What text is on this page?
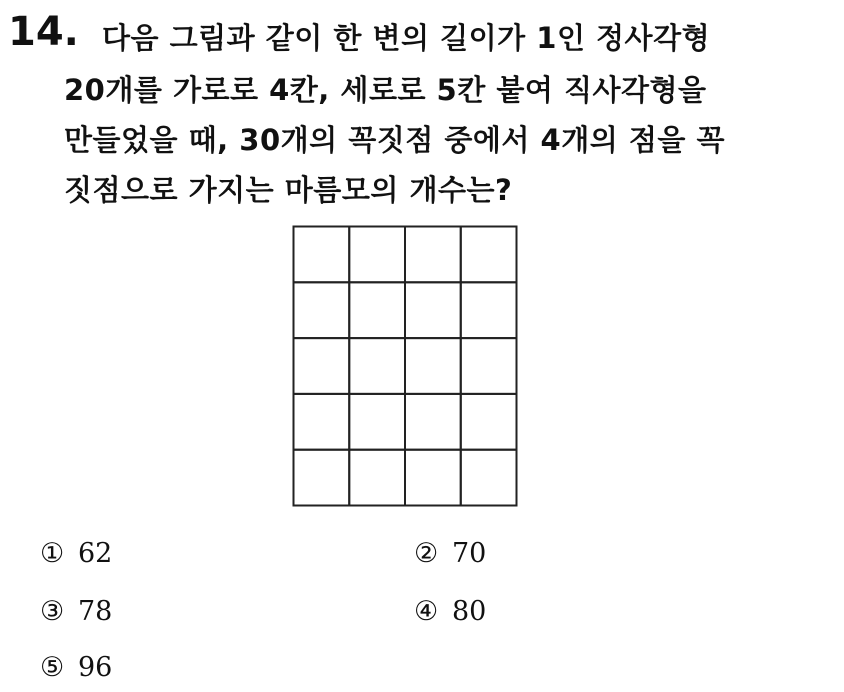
14. 다음 그림과 같이 한 변의 길이가 1인 정사각형
20개를 가로로 4칸, 세로로 5칸 붙여 직사각형을
만들었을 때, 30개의 꼭짓점 중에서 4개의 점을 꼭
짓점으로 가지는 마름모의 개수는?
① 62	② 70
③ 78	④ 80
⑤ 96
